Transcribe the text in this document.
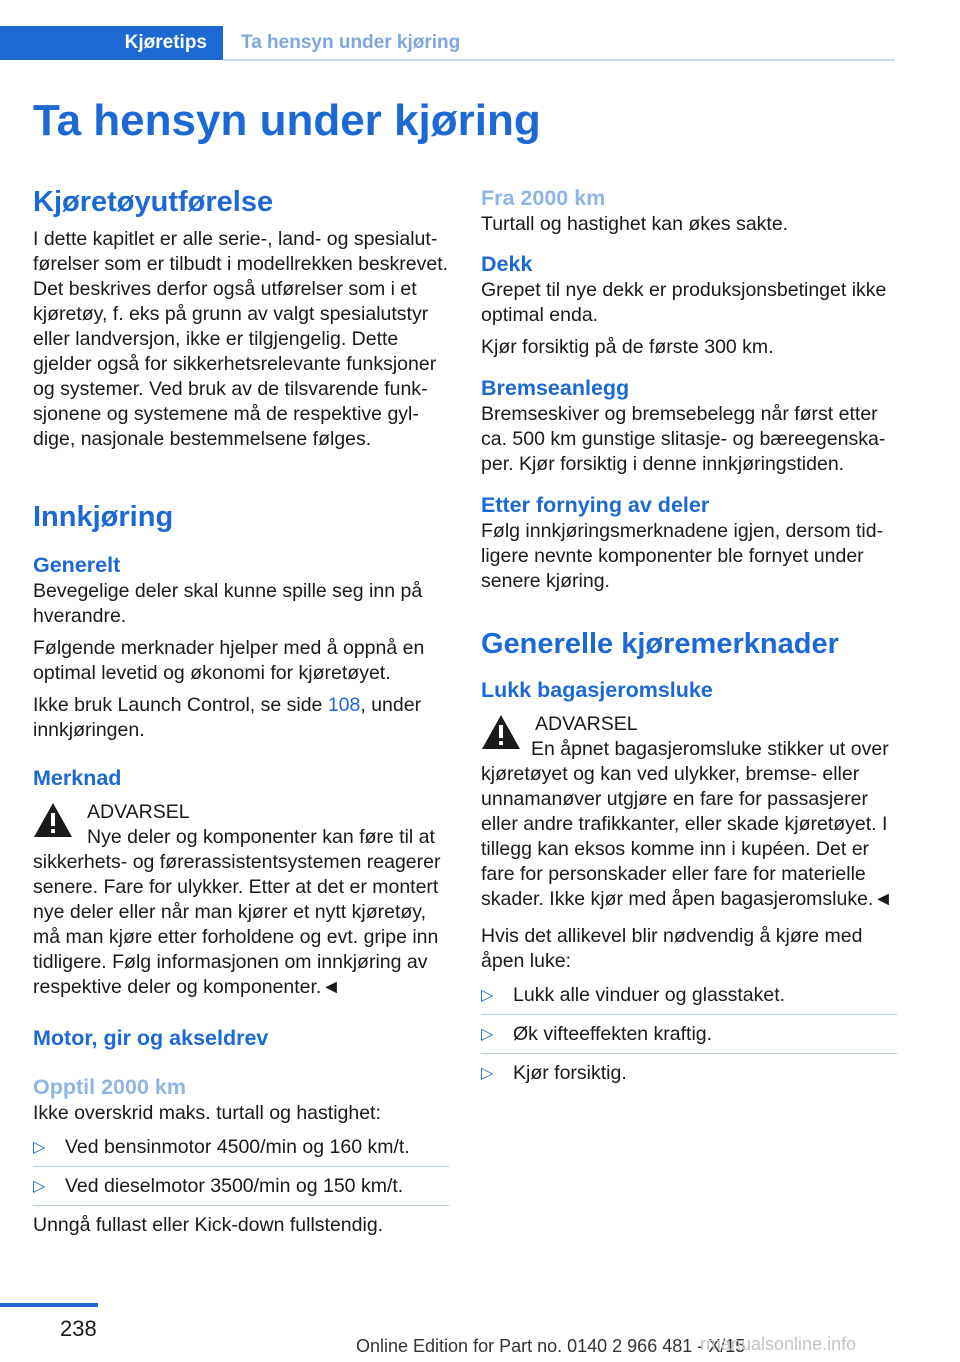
Kjøretips	Ta hensyn under kjøring
Ta hensyn under kjøring
Kjøretøyutførelse

I dette kapitlet er alle serie-, land- og spesialutførelser som er tilbudt i modellrekken beskrevet. Det beskrives derfor også utførelser som i et kjøretøy, f. eks på grunn av valgt spesialutstyr eller landversjon, ikke er tilgjengelig. Dette gjelder også for sikkerhetsrelevante funksjoner og systemer. Ved bruk av de tilsvarende funksjonene og systemene må de respektive gyldige, nasjonale bestemmelsene følges.

Innkjøring
Generelt

Bevegelige deler skal kunne spille seg inn på hverandre.

Følgende merknader hjelper med å oppnå en optimal levetid og økonomi for kjøretøyet.

Ikke bruk Launch Control, se side 108, under innkjøringen.

Merknad

ADVARSEL

Nye deler og komponenter kan føre til at sikkerhets- og førerassistentsystemen reagerer senere. Fare for ulykker. Etter at det er montert nye deler eller når man kjører et nytt kjøretøy, må man kjøre etter forholdene og evt. gripe inn tidligere. Følg informasjonen om innkjøring av respektive deler og komponenter.◄

Motor, gir og akseldrev
Opptil 2000 km

Ikke overskrid maks. turtall og hastighet:

▷ Ved bensinmotor 4500/min og 160 km/t.
▷ Ved dieselmotor 3500/min og 150 km/t.

Unngå fullast eller Kick-down fullstendig.

Fra 2000 km

Turtall og hastighet kan økes sakte.

Dekk

Grepet til nye dekk er produksjonsbetinget ikke optimal enda.

Kjør forsiktig på de første 300 km.

Bremseanlegg

Bremseskiver og bremsebelegg når først etter ca. 500 km gunstige slitasje- og bæreegenskaper. Kjør forsiktig i denne innkjøringstiden.

Etter fornying av deler

Følg innkjøringsmerknadene igjen, dersom tidligere nevnte komponenter ble fornyet under senere kjøring.

Generelle kjøremerknader
Lukk bagasjeromsluke

ADVARSEL

En åpnet bagasjeromsluke stikker ut over kjøretøyet og kan ved ulykker, bremse- eller unnamanøver utgjøre en fare for passasjerer eller andre trafikkanter, eller skade kjøretøyet. I tillegg kan eksos komme inn i kupéen. Det er fare for personskader eller fare for materielle skader. Ikke kjør med åpen bagasjeromsluke.◄

Hvis det allikevel blir nødvendig å kjøre med åpen luke:

▷ Lukk alle vinduer og glasstaket.
▷ Øk vifteeffekten kraftig.
▷ Kjør forsiktig.
238
Online Edition for Part no. 0140 2 966 481 - X/15
rmanualsonline.info
